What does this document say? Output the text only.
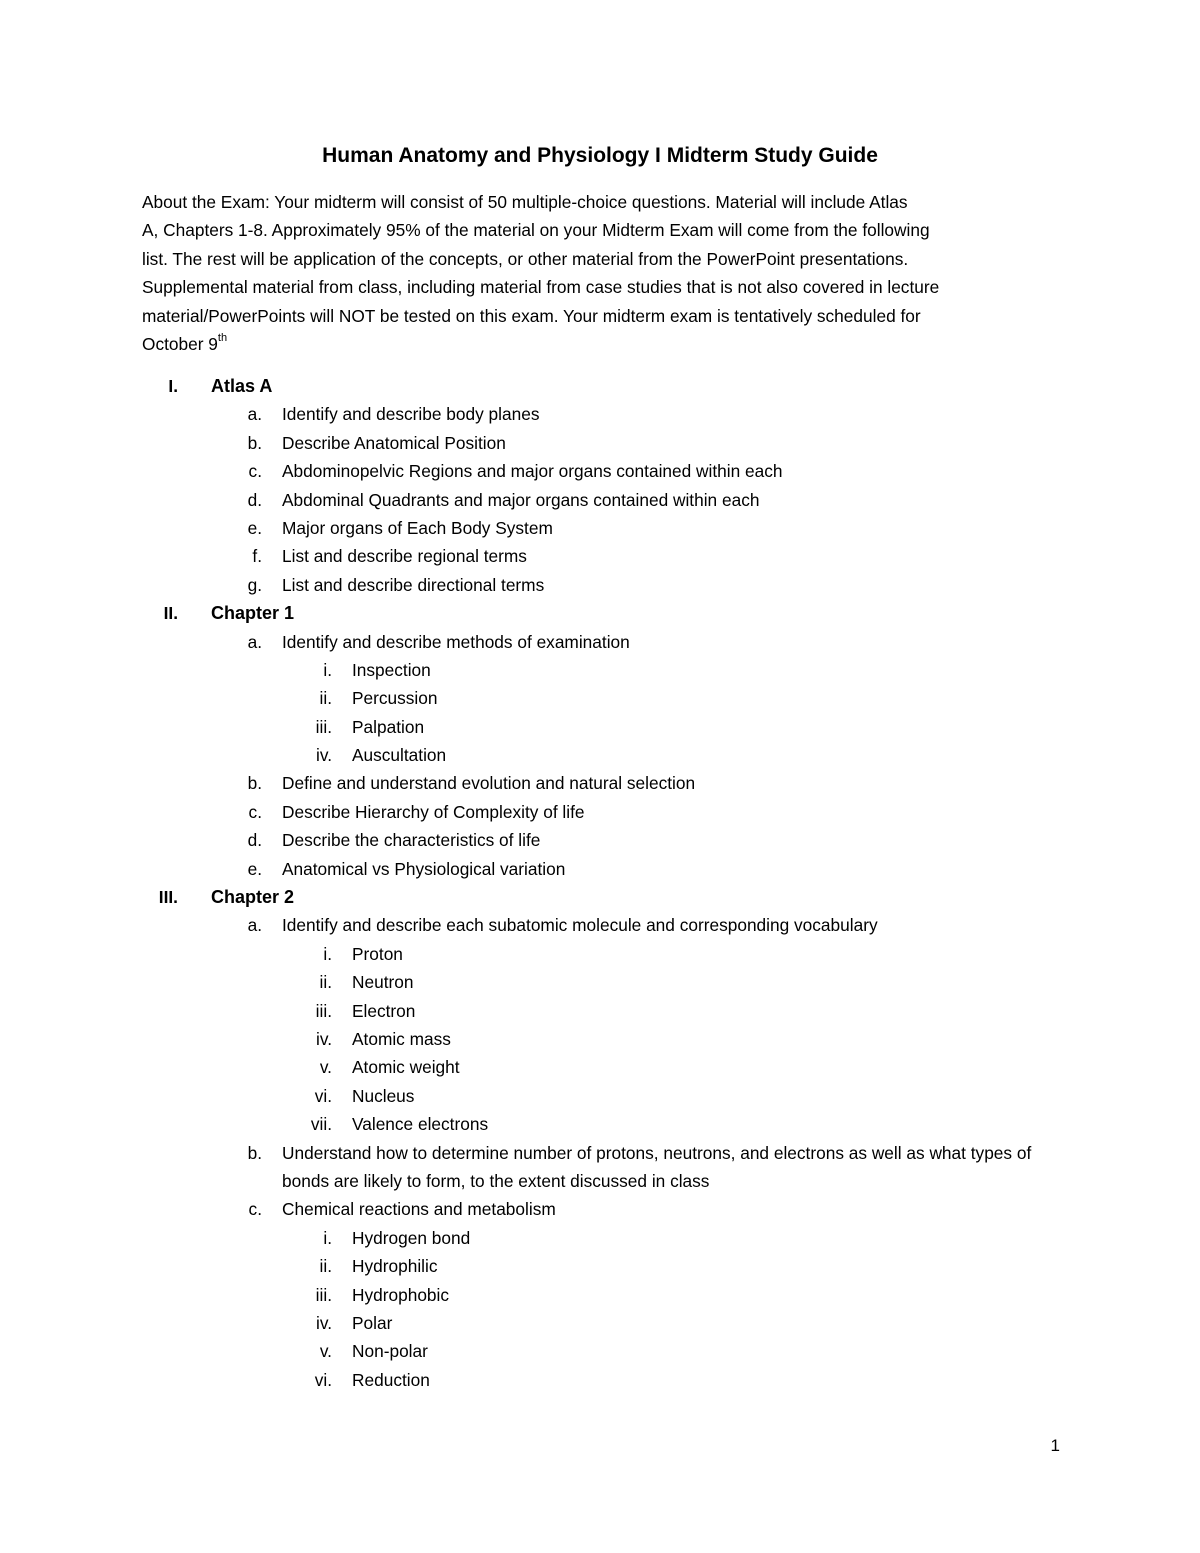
Human Anatomy and Physiology I Midterm Study Guide
About the Exam: Your midterm will consist of 50 multiple-choice questions. Material will include Atlas
A, Chapters 1-8. Approximately 95% of the material on your Midterm Exam will come from the following
list. The rest will be application of the concepts, or other material from the PowerPoint presentations.
Supplemental material from class, including material from case studies that is not also covered in lecture
material/PowerPoints will NOT be tested on this exam. Your midterm exam is tentatively scheduled for
October 9th
I. Atlas A
a. Identify and describe body planes
b. Describe Anatomical Position
c. Abdominopelvic Regions and major organs contained within each
d. Abdominal Quadrants and major organs contained within each
e. Major organs of Each Body System
f. List and describe regional terms
g. List and describe directional terms
II. Chapter 1
a. Identify and describe methods of examination
i. Inspection
ii. Percussion
iii. Palpation
iv. Auscultation
b. Define and understand evolution and natural selection
c. Describe Hierarchy of Complexity of life
d. Describe the characteristics of life
e. Anatomical vs Physiological variation
III. Chapter 2
a. Identify and describe each subatomic molecule and corresponding vocabulary
i. Proton
ii. Neutron
iii. Electron
iv. Atomic mass
v. Atomic weight
vi. Nucleus
vii. Valence electrons
b. Understand how to determine number of protons, neutrons, and electrons as well as what types of bonds are likely to form, to the extent discussed in class
c. Chemical reactions and metabolism
i. Hydrogen bond
ii. Hydrophilic
iii. Hydrophobic
iv. Polar
v. Non-polar
vi. Reduction
1
